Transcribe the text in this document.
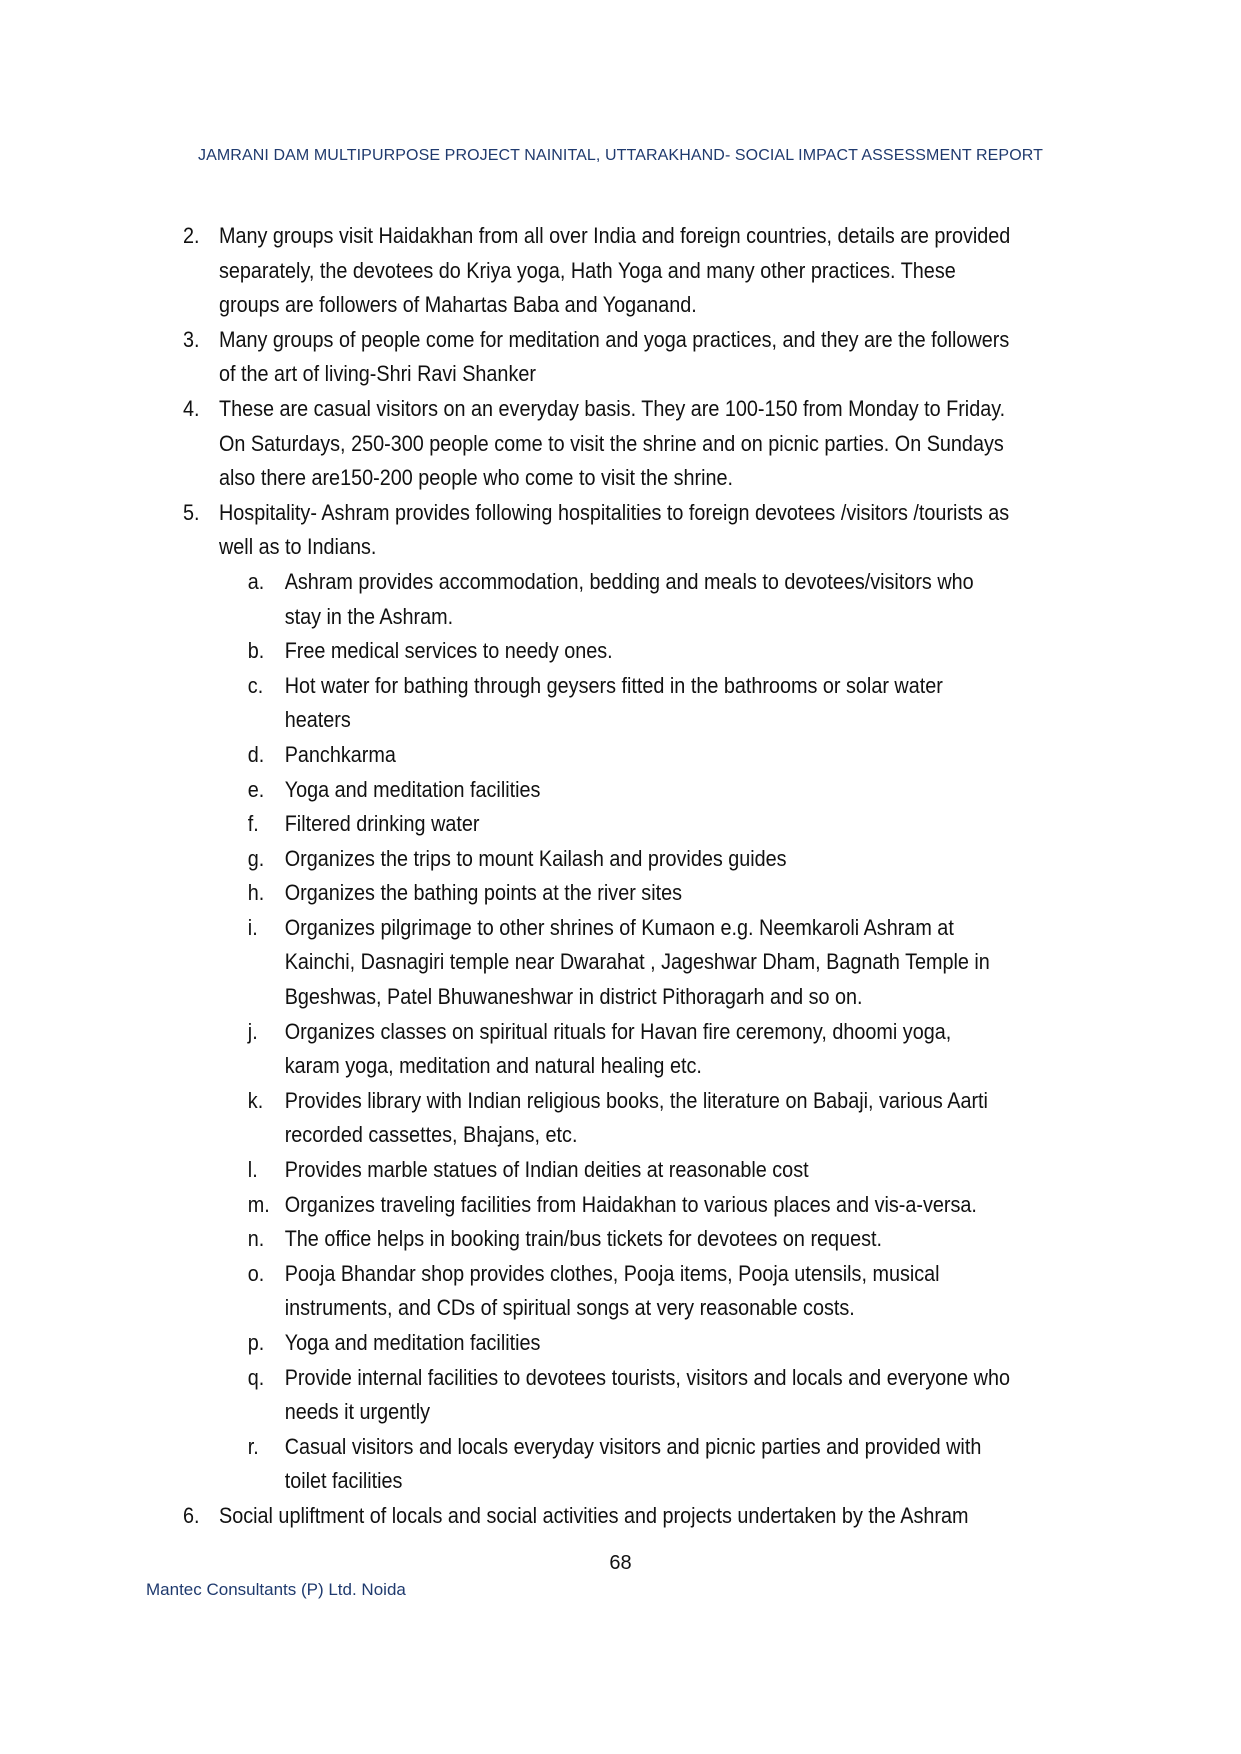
JAMRANI DAM MULTIPURPOSE PROJECT NAINITAL, UTTARAKHAND- SOCIAL IMPACT ASSESSMENT REPORT
2. Many groups visit Haidakhan from all over India and foreign countries, details are provided separately, the devotees do Kriya yoga, Hath Yoga and many other practices. These groups are followers of Mahartas Baba and Yoganand.
3. Many groups of people come for meditation and yoga practices, and they are the followers of the art of living-Shri Ravi Shanker
4. These are casual visitors on an everyday basis. They are 100-150 from Monday to Friday. On Saturdays, 250-300 people come to visit the shrine and on picnic parties. On Sundays also there are150-200 people who come to visit the shrine.
5. Hospitality- Ashram provides following hospitalities to foreign devotees /visitors /tourists as well as to Indians.
a. Ashram provides accommodation, bedding and meals to devotees/visitors who stay in the Ashram.
b. Free medical services to needy ones.
c. Hot water for bathing through geysers fitted in the bathrooms or solar water heaters
d. Panchkarma
e. Yoga and meditation facilities
f. Filtered drinking water
g. Organizes the trips to mount Kailash and provides guides
h. Organizes the bathing points at the river sites
i. Organizes pilgrimage to other shrines of Kumaon e.g. Neemkaroli Ashram at Kainchi, Dasnagiri temple near Dwarahat , Jageshwar Dham, Bagnath Temple in Bgeshwas, Patel Bhuwaneshwar in district Pithoragarh and so on.
j. Organizes classes on spiritual rituals for Havan fire ceremony, dhoomi yoga, karam yoga, meditation and natural healing etc.
k. Provides library with Indian religious books, the literature on Babaji, various Aarti recorded cassettes, Bhajans, etc.
l. Provides marble statues of Indian deities at reasonable cost
m. Organizes traveling facilities from Haidakhan to various places and vis-a-versa.
n. The office helps in booking train/bus tickets for devotees on request.
o. Pooja Bhandar shop provides clothes, Pooja items, Pooja utensils, musical instruments, and CDs of spiritual songs at very reasonable costs.
p. Yoga and meditation facilities
q. Provide internal facilities to devotees tourists, visitors and locals and everyone who needs it urgently
r. Casual visitors and locals everyday visitors and picnic parties and provided with toilet facilities
6. Social upliftment of locals and social activities and projects undertaken by the Ashram
68
Mantec Consultants (P) Ltd. Noida
